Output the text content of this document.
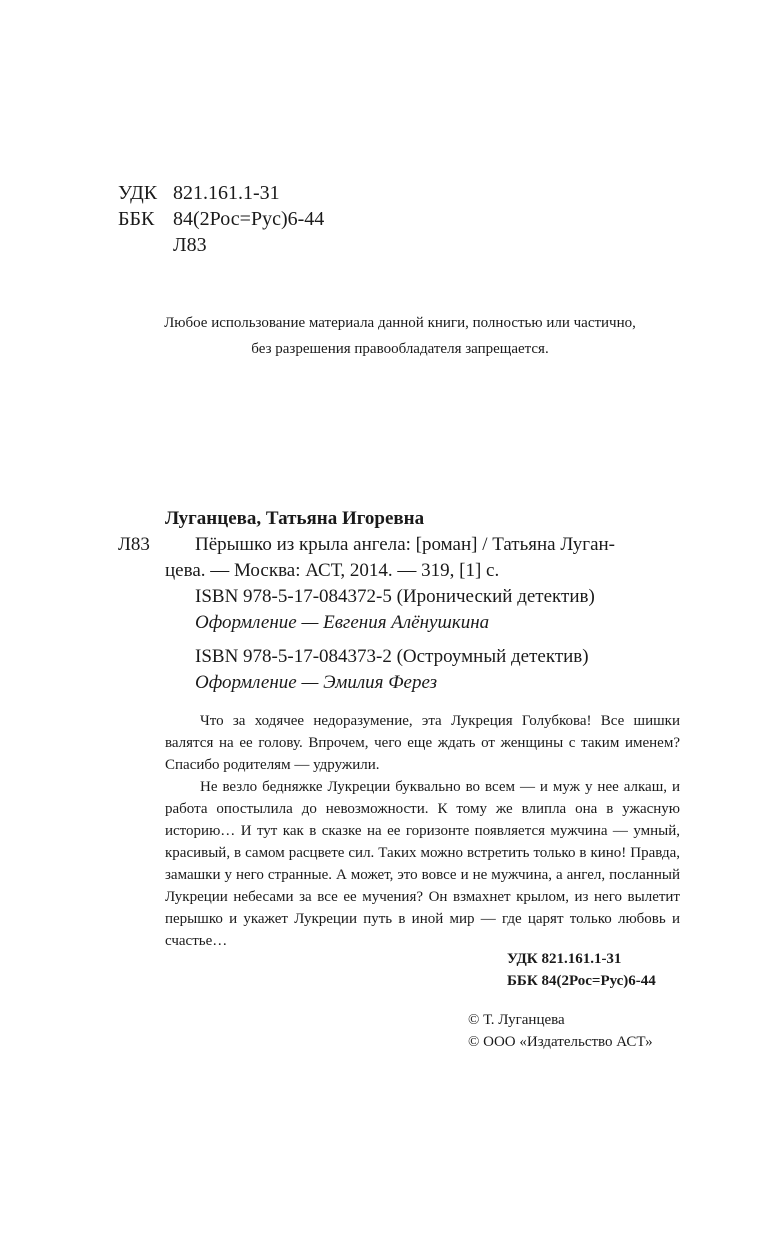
УДК 821.161.1-31
ББК 84(2Рос=Рус)6-44
Л83
Любое использование материала данной книги, полностью или частично,
без разрешения правообладателя запрещается.
Луганцева, Татьяна Игоревна
Л83	Пёрышко из крыла ангела: [роман] / Татьяна Луган-
цева. — Москва: АСТ, 2014. — 319, [1] с.
ISBN 978-5-17-084372-5 (Иронический детектив)
Оформление — Евгения Алёнушкина
ISBN 978-5-17-084373-2 (Остроумный детектив)
Оформление — Эмилия Ферез

Что за ходячее недоразумение, эта Лукреция Голубкова! Все шишки валятся на ее голову. Впрочем, чего еще ждать от женщины с таким именем? Спасибо родителям — удружили.

Не везло бедняжке Лукреции буквально во всем — и муж у нее алкаш, и работа опостылила до невозможности. К тому же влипла она в ужасную историю… И тут как в сказке на ее горизонте появляется мужчина — умный, красивый, в самом расцвете сил. Таких можно встретить только в кино! Правда, замашки у него странные. А может, это вовсе и не мужчина, а ангел, посланный Лукреции небесами за все ее мучения? Он взмахнет крылом, из него вылетит перышко и укажет Лукреции путь в иной мир — где царят только любовь и счастье…

УДК 821.161.1-31
ББК 84(2Рос=Рус)6-44
© Т. Луганцева
© ООО «Издательство АСТ»
